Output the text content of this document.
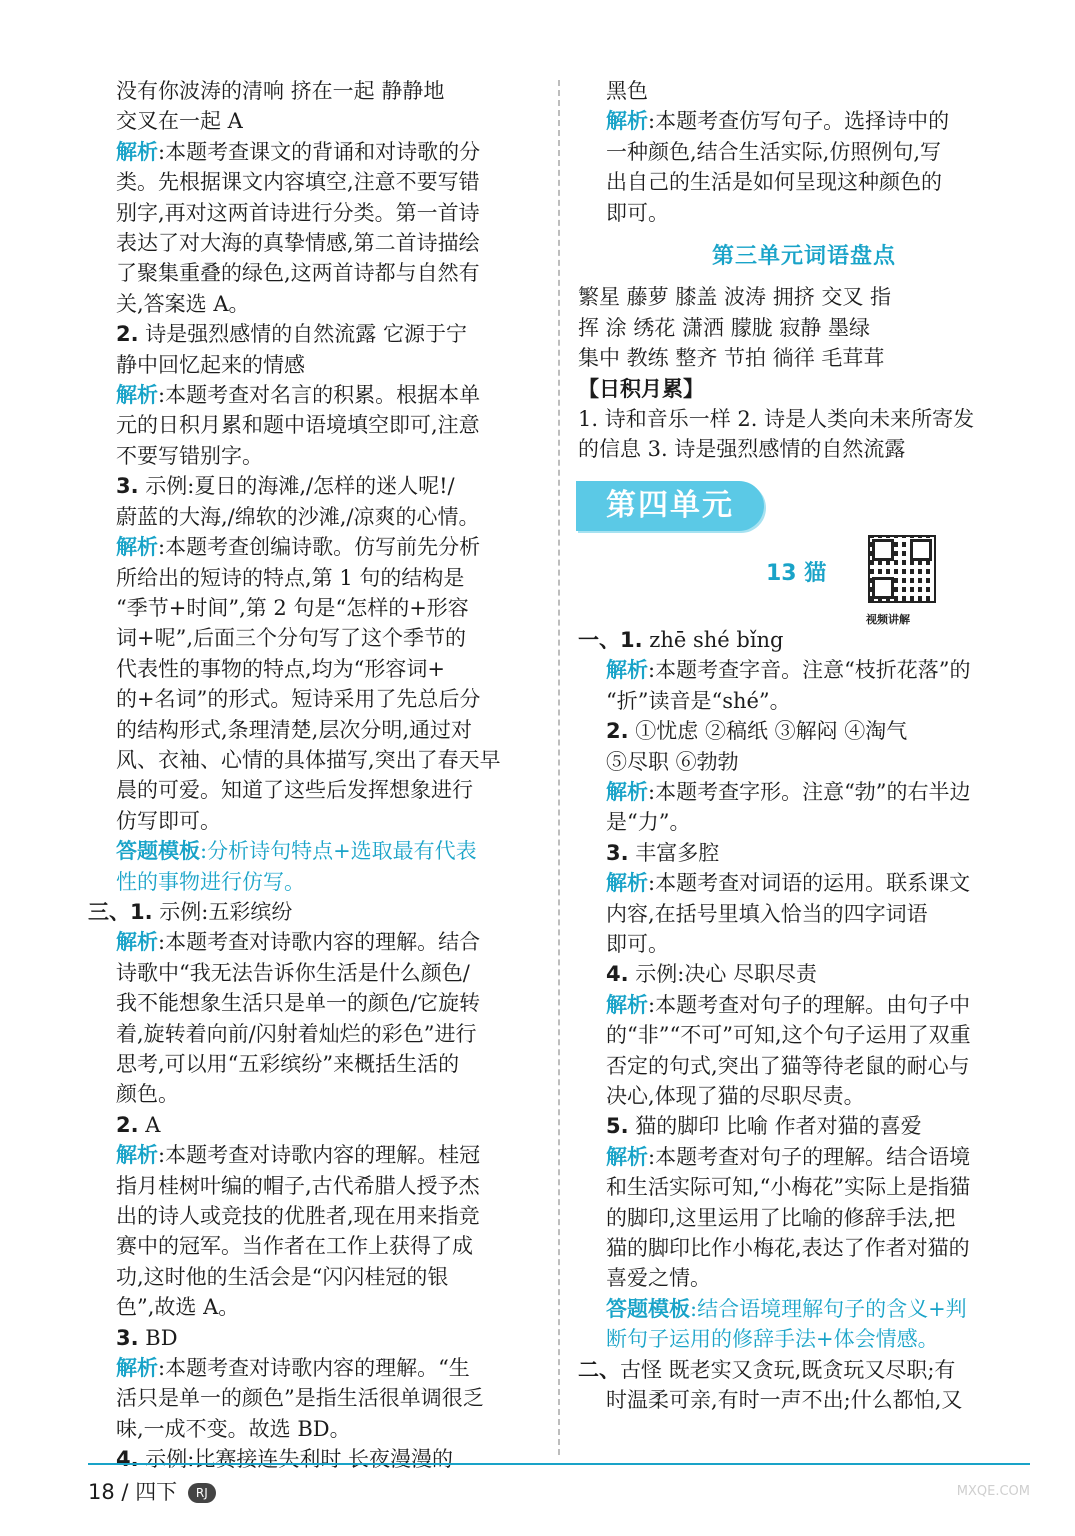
没有你波涛的清响 挤在一起 静静地
交叉在一起 A
解析:本题考查课文的背诵和对诗歌的分
类。先根据课文内容填空,注意不要写错
别字,再对这两首诗进行分类。第一首诗
表达了对大海的真挚情感,第二首诗描绘
了聚集重叠的绿色,这两首诗都与自然有
关,答案选 A。
2. 诗是强烈感情的自然流露 它源于宁
静中回忆起来的情感
解析:本题考查对名言的积累。根据本单
元的日积月累和题中语境填空即可,注意
不要写错别字。
3. 示例:夏日的海滩,/怎样的迷人呢!/
蔚蓝的大海,/绵软的沙滩,/凉爽的心情。
解析:本题考查创编诗歌。仿写前先分析
所给出的短诗的特点,第 1 句的结构是
“季节+时间”,第 2 句是“怎样的+形容
词+呢”,后面三个分句写了这个季节的
代表性的事物的特点,均为“形容词+
的+名词”的形式。短诗采用了先总后分
的结构形式,条理清楚,层次分明,通过对
风、衣袖、心情的具体描写,突出了春天早
晨的可爱。知道了这些后发挥想象进行
仿写即可。
答题模板:分析诗句特点+选取最有代表
性的事物进行仿写。
三、1. 示例:五彩缤纷
解析:本题考查对诗歌内容的理解。结合
诗歌中“我无法告诉你生活是什么颜色/
我不能想象生活只是单一的颜色/它旋转
着,旋转着向前/闪射着灿烂的彩色”进行
思考,可以用“五彩缤纷”来概括生活的
颜色。
2. A
解析:本题考查对诗歌内容的理解。桂冠
指月桂树叶编的帽子,古代希腊人授予杰
出的诗人或竞技的优胜者,现在用来指竞
赛中的冠军。当作者在工作上获得了成
功,这时他的生活会是“闪闪桂冠的银
色”,故选 A。
3. BD
解析:本题考查对诗歌内容的理解。“生
活只是单一的颜色”是指生活很单调很乏
味,一成不变。故选 BD。
4. 示例:比赛接连失利时 长夜漫漫的
黑色
解析:本题考查仿写句子。选择诗中的
一种颜色,结合生活实际,仿照例句,写
出自己的生活是如何呈现这种颜色的
即可。
第三单元词语盘点
繁星 藤萝 膝盖 波涛 拥挤 交叉 指
挥 涂 绣花 潇洒 朦胧 寂静 墨绿
集中 教练 整齐 节拍 徜徉 毛茸茸
【日积月累】
1. 诗和音乐一样 2. 诗是人类向未来所寄发
的信息 3. 诗是强烈感情的自然流露
第四单元
13 猫
视频讲解
一、1. zhē shé bǐng
解析:本题考查字音。注意“枝折花落”的
“折”读音是“shé”。
2. ①忧虑 ②稿纸 ③解闷 ④淘气
⑤尽职 ⑥勃勃
解析:本题考查字形。注意“勃”的右半边
是“力”。
3. 丰富多腔
解析:本题考查对词语的运用。联系课文
内容,在括号里填入恰当的四字词语
即可。
4. 示例:决心 尽职尽责
解析:本题考查对句子的理解。由句子中
的“非”“不可”可知,这个句子运用了双重
否定的句式,突出了猫等待老鼠的耐心与
决心,体现了猫的尽职尽责。
5. 猫的脚印 比喻 作者对猫的喜爱
解析:本题考查对句子的理解。结合语境
和生活实际可知,“小梅花”实际上是指猫
的脚印,这里运用了比喻的修辞手法,把
猫的脚印比作小梅花,表达了作者对猫的
喜爱之情。
答题模板:结合语境理解句子的含义+判
断句子运用的修辞手法+体会情感。
二、古怪 既老实又贪玩,既贪玩又尽职;有
时温柔可亲,有时一声不出;什么都怕,又
18 / 四下 RJ	MXQE.COM
